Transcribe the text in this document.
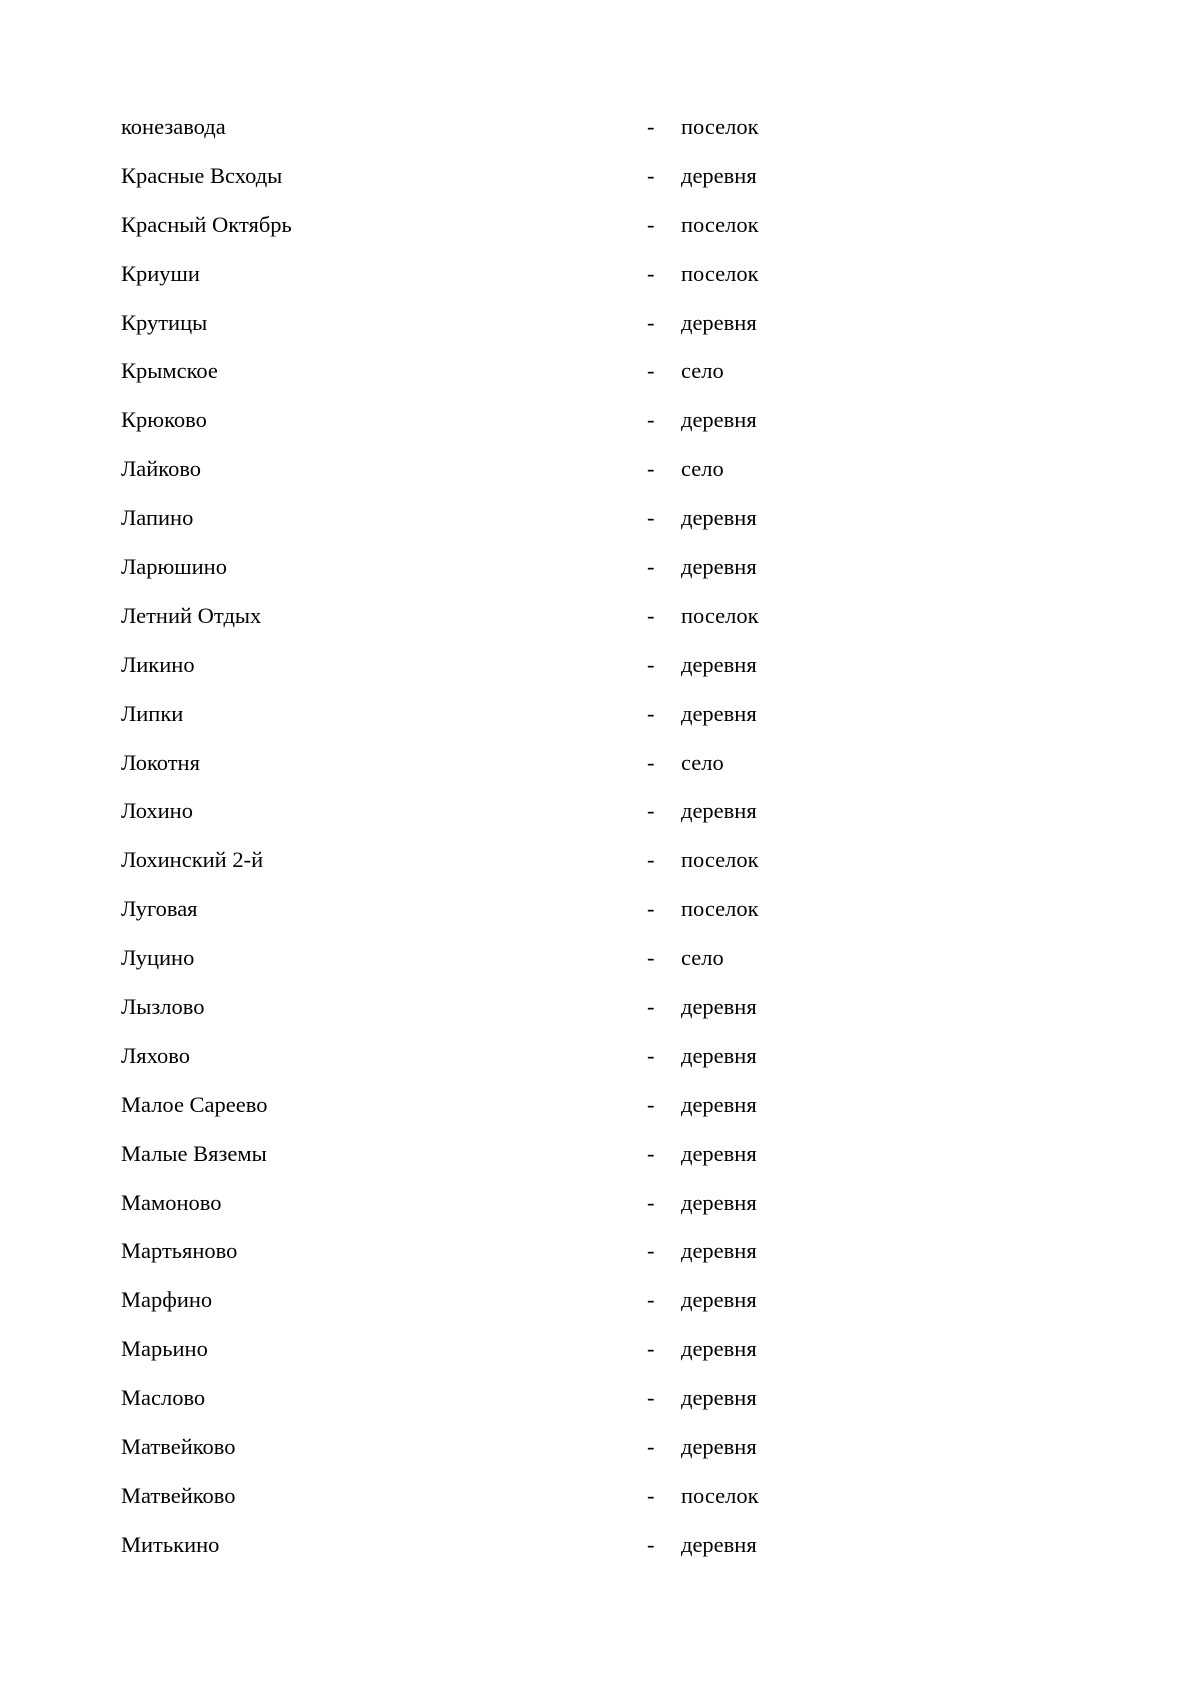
конезавода	- поселок
Красные Всходы	- деревня
Красный Октябрь	- поселок
Криуши	- поселок
Крутицы	- деревня
Крымское	- село
Крюково	- деревня
Лайково	- село
Лапино	- деревня
Ларюшино	- деревня
Летний Отдых	- поселок
Ликино	- деревня
Липки	- деревня
Локотня	- село
Лохино	- деревня
Лохинский 2-й	- поселок
Луговая	- поселок
Луцино	- село
Лызлово	- деревня
Ляхово	- деревня
Малое Сареево	- деревня
Малые Вяземы	- деревня
Мамоново	- деревня
Мартьяново	- деревня
Марфино	- деревня
Марьино	- деревня
Маслово	- деревня
Матвейково	- деревня
Матвейково	- поселок
Митькино	- деревня
